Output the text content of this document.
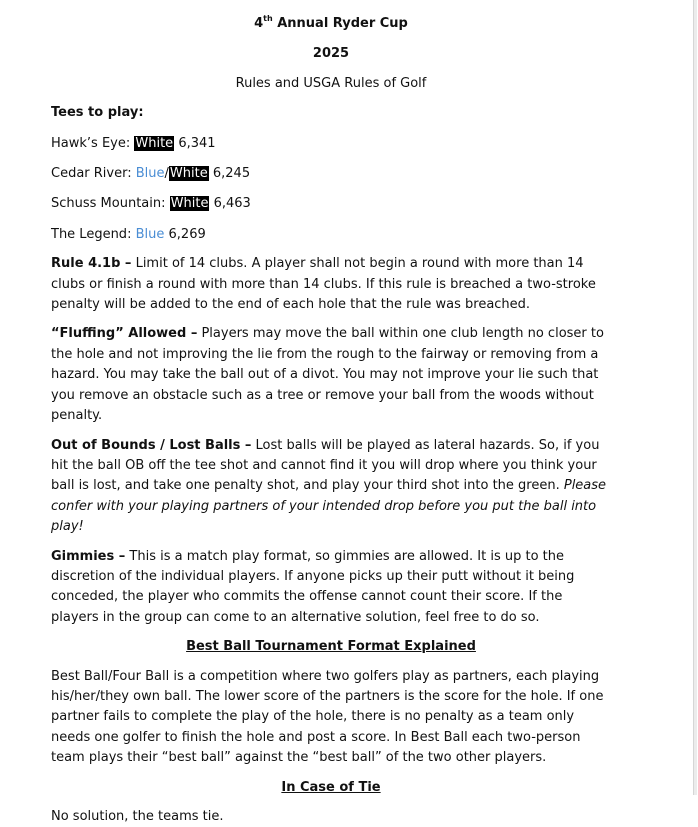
4th Annual Ryder Cup

2025

Rules and USGA Rules of Golf

Tees to play:

Hawk’s Eye: White 6,341

Cedar River: Blue/White 6,245

Schuss Mountain: White 6,463

The Legend: Blue 6,269

Rule 4.1b – Limit of 14 clubs. A player shall not begin a round with more than 14 clubs or finish a round with more than 14 clubs. If this rule is breached a two-stroke penalty will be added to the end of each hole that the rule was breached.

“Fluffing” Allowed – Players may move the ball within one club length no closer to the hole and not improving the lie from the rough to the fairway or removing from a hazard. You may take the ball out of a divot. You may not improve your lie such that you remove an obstacle such as a tree or remove your ball from the woods without penalty.

Out of Bounds / Lost Balls – Lost balls will be played as lateral hazards. So, if you hit the ball OB off the tee shot and cannot find it you will drop where you think your ball is lost, and take one penalty shot, and play your third shot into the green. Please confer with your playing partners of your intended drop before you put the ball into play!

Gimmies – This is a match play format, so gimmies are allowed. It is up to the discretion of the individual players. If anyone picks up their putt without it being conceded, the player who commits the offense cannot count their score. If the players in the group can come to an alternative solution, feel free to do so.

Best Ball Tournament Format Explained

Best Ball/Four Ball is a competition where two golfers play as partners, each playing his/her/they own ball. The lower score of the partners is the score for the hole. If one partner fails to complete the play of the hole, there is no penalty as a team only needs one golfer to finish the hole and post a score. In Best Ball each two-person team plays their “best ball” against the “best ball” of the two other players.

In Case of Tie

No solution, the teams tie.
